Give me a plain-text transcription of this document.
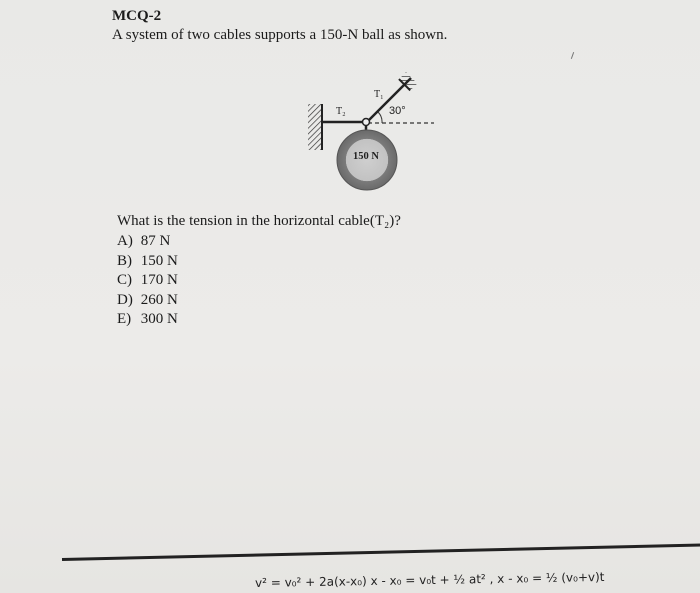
MCQ-2
A system of two cables supports a 150-N ball as shown.
T₁
T₂	30°
150 N
What is the tension in the horizontal cable(T₂)?
A) 87 N
B) 150 N
C) 170 N
D) 260 N
E) 300 N
v² = v₀² + 2a(x-x₀) x - x₀ = v₀t + ½ at² , x - x₀ = ½ (v₀+v)t
